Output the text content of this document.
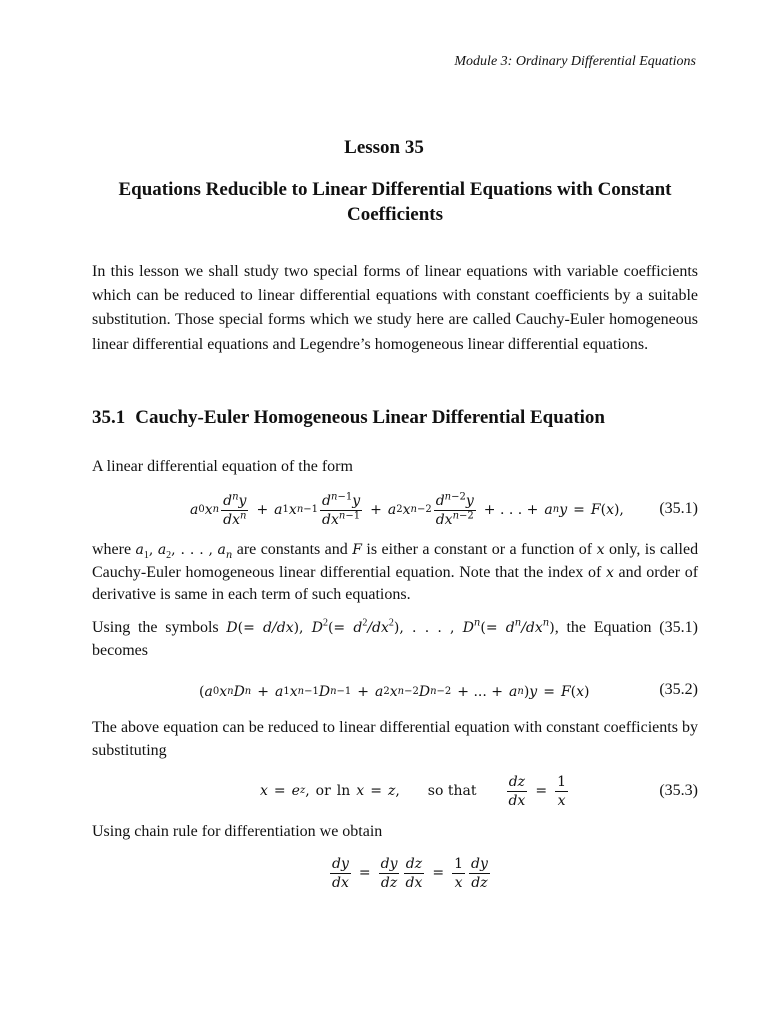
Module 3: Ordinary Differential Equations
Lesson 35
Equations Reducible to Linear Differential Equations with Constant Coefficients
In this lesson we shall study two special forms of linear equations with variable coefficients which can be reduced to linear differential equations with constant coefficients by a suitable substitution. Those special forms which we study here are called Cauchy-Euler homogeneous linear differential equations and Legendre’s homogeneous linear differential equations.
35.1 Cauchy-Euler Homogeneous Linear Differential Equation
A linear differential equation of the form
a 0 x n $\frac{d^ny}{dx^n} + a$ 1 x $n-1 \frac{d^{n-1}y}{dx^{n-1}} + a$ 2 x $n-2 \frac{d^{n-2}y}{dx^{n-2}}$ + . . . + a n y = F ( x ), (35.1)
where $a_1$, $a_2$, . . . , $a_n$ are constants and F is either a constant or a function of x only, is called Cauchy-Euler homogeneous linear differential equation. Note that the index of x and order of derivative is same in each term of such equations.
Using the symbols D(= d/dx), $D^2(= d^2/dx^2)$, . . . , $D^n(= d^n/dx^n)$, the Equation (35.1) becomes
( a 0 x n D n + a 1 x n−1 D n−1 + a 2 x n−2 D n−2 + ... + a n ) y = F ( x )	(35.2)
The above equation can be reduced to linear differential equation with constant coefficients by substituting
x = e z , or ln x = z , so that $\frac{dz}{dx} = \frac{1}{x}$	(35.3)
Using chain rule for differentiation we obtain
$\frac{dy}{dx} = \frac{dy}{dz} \frac{dz}{dx} = \frac{1}{x} \frac{dy}{dz}$
